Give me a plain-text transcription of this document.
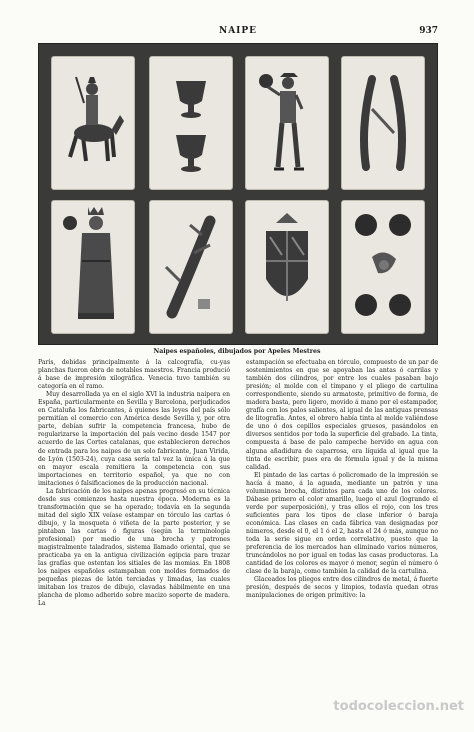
NAIPE	937
Naipes españoles, dibujados por Apeles Mestres

París, debidas principalmente á la calcografía, cu-yas planchas fueron obra de notables maestros. Francia produció á base de impresión xilográfica. Venecia tuvo también su categoría en el ramo.

Muy desarrollada ya en el siglo XVI la industria naipera en España, particularmente en Sevilla y Barcelona, perjudicados en Cataluña los fabricantes, á quienes las leyes del país sólo permitían el comercio con América desde Sevilla y, por otra parte, debían sufrir la competencia francesa, hubo de regularizarse la importación del país vecino desde 1547 por acuerdo de las Cortes catalanas, que establecieron derechos de entrada para los naipes de un solo fabricante, Juan Virida, de Lyón (1503-24), cuya casa sería tal vez la única á la que en mayor escala remitiera la competencia con sus importaciones en territorio español, ya que no con imitaciones ó falsificaciones de la producción nacional.

La fabricación de los naipes apenas progresó en su técnica desde sus comienzos hasta nuestra época. Moderna es la transformación que se ha operado; todavía en la segunda mitad del siglo XIX veíase estampar en tórculo las cartas ó dibujo, y la mosqueta ó viñeta de la parte posterior, y se pintaban las cartas ó figuras (según la terminología profesional) por medio de una brocha y patrones magistralmente taladrados, sistema llamado oriental, que se practicaba ya en la antigua civilización egipcia para trazar las grafías que ostentan los sitiales de las momias. En 1808 los naipes españoles estampaban con moldes formados de pequeñas piezas de latón terciadas y limadas, las cuales imitaban los trazos de dibujo, clavadas hábilmente en una plancha de plomo adherido sobre macizo soporte de madera. La

estampación se efectuaba en tórculo, compuesto de un par de sostenimientos en que se apoyaban las antas ó carrilas y también dos cilindros, por entre los cuales pasaban bajo presión; el molde con el tímpano y el pliego de cartulina correspondiente, siendo su armatoste, primitivo de forma, de madera basta, pero ligero, movido á mano por el estampador, grafía con los palos salientes, al igual de las antiguas prensas de litografía. Antes, el obrero había tinta al molde valiéndose de uno ó dos cepillos especiales gruesos, pasándolos en diversos sentidos por toda la superficie del grabado. La tinta, compuesta á base de palo campeche hervido en agua con alguna añadidura de caparrosa, era líquida al igual que la tinta de escribir, pues era de fórmula igual y de la misma calidad.

El pintado de las cartas ó policromado de la impresión se hacía á mano, á la aguada, mediante un patrón y una voluminosa brocha, distintos para cada uno de los colores. Dábase primero el color amarillo, luego el azul (logrando el verde por superposición), y tras ellos el rojo, con los tres suficientes para los tipos de clase inferior ó baraja económica. Las clases en cada fábrica van designadas por números, desde el 0, el 1 ó el 2, hasta el 24 ó más, aunque no toda la serie sigue en orden correlativo, puesto que la preferencia de los mercados han eliminado varios números, truncándolos no por igual en todas las casas productoras. La cantidad de los colores es mayor ó menor, según el número ó clase de la baraja, como también la calidad de la cartulina.

Glaceados los pliegos entre dos cilindros de metal, á fuerte presión, después de secos y limpios, todavía quedan otras manipulaciones de origen primitivo: la

todocoleccion.net
